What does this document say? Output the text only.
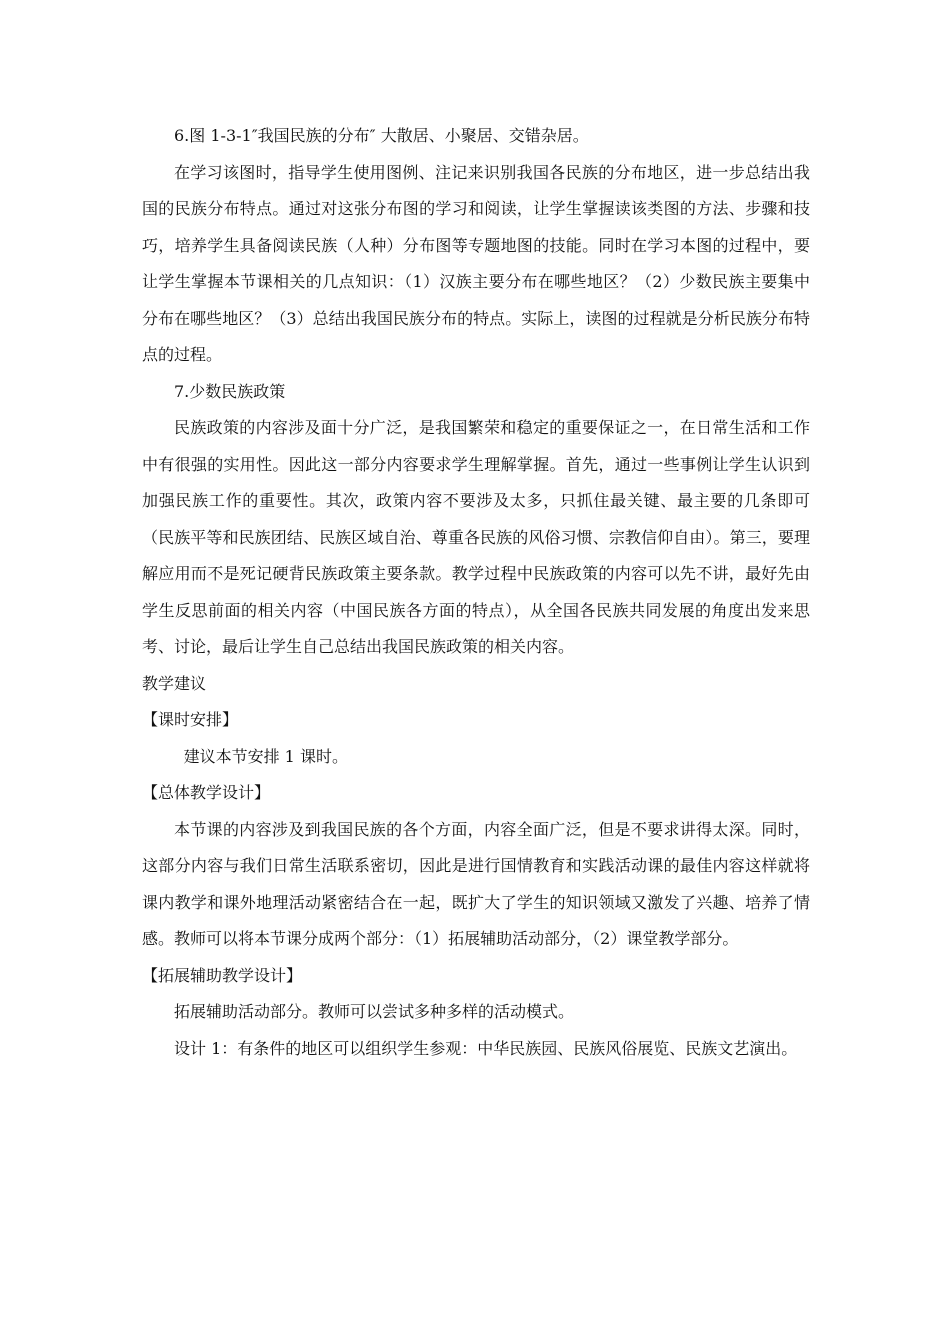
6.图 1-3-1″我国民族的分布″ 大散居、小聚居、交错杂居。

在学习该图时，指导学生使用图例、注记来识别我国各民族的分布地区，进一步总结出我国的民族分布特点。通过对这张分布图的学习和阅读，让学生掌握读该类图的方法、步骤和技巧，培养学生具备阅读民族（人种）分布图等专题地图的技能。同时在学习本图的过程中，要让学生掌握本节课相关的几点知识：（1）汉族主要分布在哪些地区？（2）少数民族主要集中分布在哪些地区？（3）总结出我国民族分布的特点。实际上，读图的过程就是分析民族分布特点的过程。

7.少数民族政策

民族政策的内容涉及面十分广泛，是我国繁荣和稳定的重要保证之一，在日常生活和工作中有很强的实用性。因此这一部分内容要求学生理解掌握。首先，通过一些事例让学生认识到加强民族工作的重要性。其次，政策内容不要涉及太多，只抓住最关键、最主要的几条即可（民族平等和民族团结、民族区域自治、尊重各民族的风俗习惯、宗教信仰自由）。第三，要理解应用而不是死记硬背民族政策主要条款。教学过程中民族政策的内容可以先不讲，最好先由学生反思前面的相关内容（中国民族各方面的特点），从全国各民族共同发展的角度出发来思考、讨论，最后让学生自己总结出我国民族政策的相关内容。

教学建议

【课时安排】

建议本节安排 1 课时。

【总体教学设计】

本节课的内容涉及到我国民族的各个方面，内容全面广泛，但是不要求讲得太深。同时，这部分内容与我们日常生活联系密切，因此是进行国情教育和实践活动课的最佳内容这样就将课内教学和课外地理活动紧密结合在一起，既扩大了学生的知识领域又激发了兴趣、培养了情感。教师可以将本节课分成两个部分：（1）拓展辅助活动部分，（2）课堂教学部分。

【拓展辅助教学设计】

拓展辅助活动部分。教师可以尝试多种多样的活动模式。

设计 1：有条件的地区可以组织学生参观：中华民族园、民族风俗展览、民族文艺演出。
